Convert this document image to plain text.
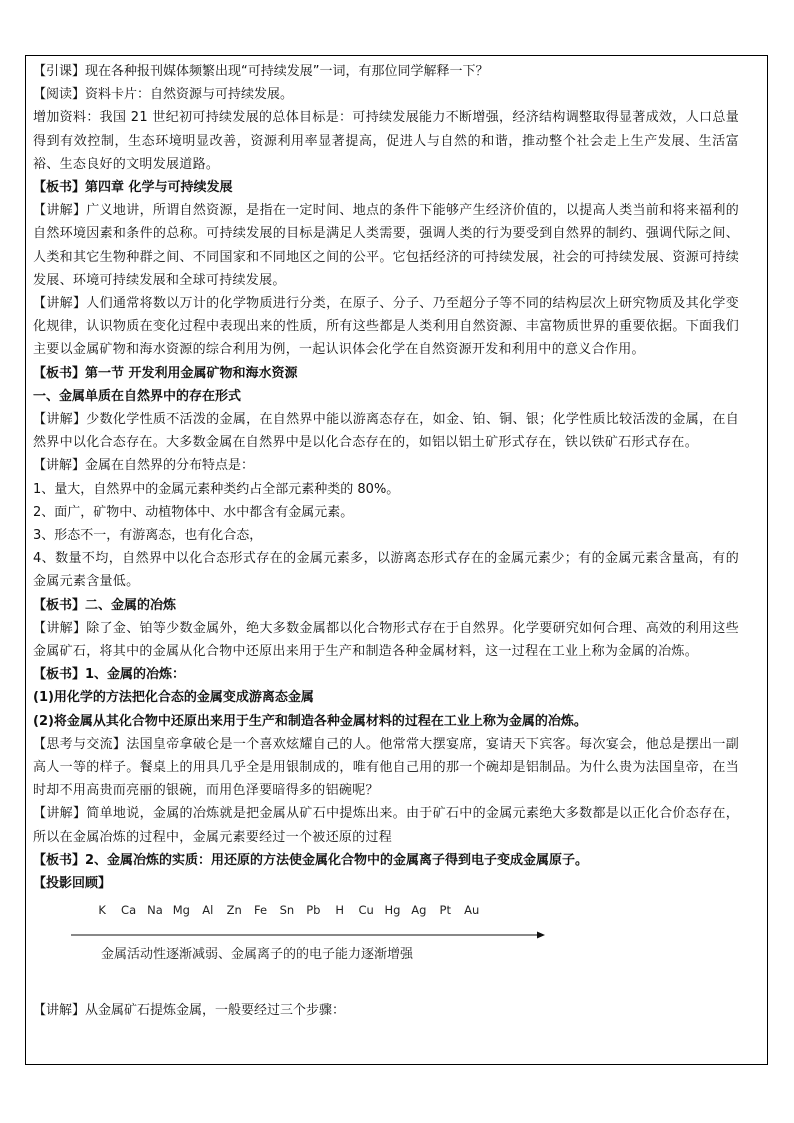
【引课】现在各种报刊媒体频繁出现“可持续发展”一词，有那位同学解释一下？
【阅读】资料卡片：自然资源与可持续发展。
增加资料：我国 21 世纪初可持续发展的总体目标是：可持续发展能力不断增强，经济结构调整取得显著成效，人口总量得到有效控制，生态环境明显改善，资源利用率显著提高，促进人与自然的和谐，推动整个社会走上生产发展、生活富裕、生态良好的文明发展道路。
【板书】第四章 化学与可持续发展
【讲解】广义地讲，所谓自然资源，是指在一定时间、地点的条件下能够产生经济价值的，以提高人类当前和将来福利的自然环境因素和条件的总称。可持续发展的目标是满足人类需要，强调人类的行为要受到自然界的制约、强调代际之间、人类和其它生物种群之间、不同国家和不同地区之间的公平。它包括经济的可持续发展，社会的可持续发展、资源可持续发展、环境可持续发展和全球可持续发展。
【讲解】人们通常将数以万计的化学物质进行分类，在原子、分子、乃至超分子等不同的结构层次上研究物质及其化学变化规律，认识物质在变化过程中表现出来的性质，所有这些都是人类利用自然资源、丰富物质世界的重要依据。下面我们主要以金属矿物和海水资源的综合利用为例，一起认识体会化学在自然资源开发和利用中的意义合作用。
【板书】第一节 开发利用金属矿物和海水资源
一、金属单质在自然界中的存在形式
【讲解】少数化学性质不活泼的金属，在自然界中能以游离态存在，如金、铂、铜、银；化学性质比较活泼的金属，在自然界中以化合态存在。大多数金属在自然界中是以化合态存在的，如铝以铝土矿形式存在，铁以铁矿石形式存在。
【讲解】金属在自然界的分布特点是：
1、量大，自然界中的金属元素种类约占全部元素种类的 80%。
2、面广，矿物中、动植物体中、水中都含有金属元素。
3、形态不一，有游离态，也有化合态，
4、数量不均，自然界中以化合态形式存在的金属元素多，以游离态形式存在的金属元素少；有的金属元素含量高，有的金属元素含量低。
【板书】二、金属的冶炼
【讲解】除了金、铂等少数金属外，绝大多数金属都以化合物形式存在于自然界。化学要研究如何合理、高效的利用这些金属矿石，将其中的金属从化合物中还原出来用于生产和制造各种金属材料，这一过程在工业上称为金属的冶炼。
【板书】1、金属的冶炼：
(1)用化学的方法把化合态的金属变成游离态金属
(2)将金属从其化合物中还原出来用于生产和制造各种金属材料的过程在工业上称为金属的冶炼。
【思考与交流】法国皇帝拿破仑是一个喜欢炫耀自己的人。他常常大摆宴席，宴请天下宾客。每次宴会，他总是摆出一副高人一等的样子。餐桌上的用具几乎全是用银制成的，唯有他自己用的那一个碗却是铝制品。为什么贵为法国皇帝，在当时却不用高贵而亮丽的银碗，而用色泽要暗得多的铝碗呢？
【讲解】简单地说，金属的冶炼就是把金属从矿石中提炼出来。由于矿石中的金属元素绝大多数都是以正化合价态存在，所以在金属冶炼的过程中，金属元素要经过一个被还原的过程
【板书】2、金属冶炼的实质：用还原的方法使金属化合物中的金属离子得到电子变成金属原子。
【投影回顾】
K	Ca Na Mg	Al	Zn	Fe	Sn	Pb	H	Cu Hg Ag	Pt	Au
金属活动性逐渐减弱、金属离子的的电子能力逐渐增强
【讲解】从金属矿石提炼金属，一般要经过三个步骤：
